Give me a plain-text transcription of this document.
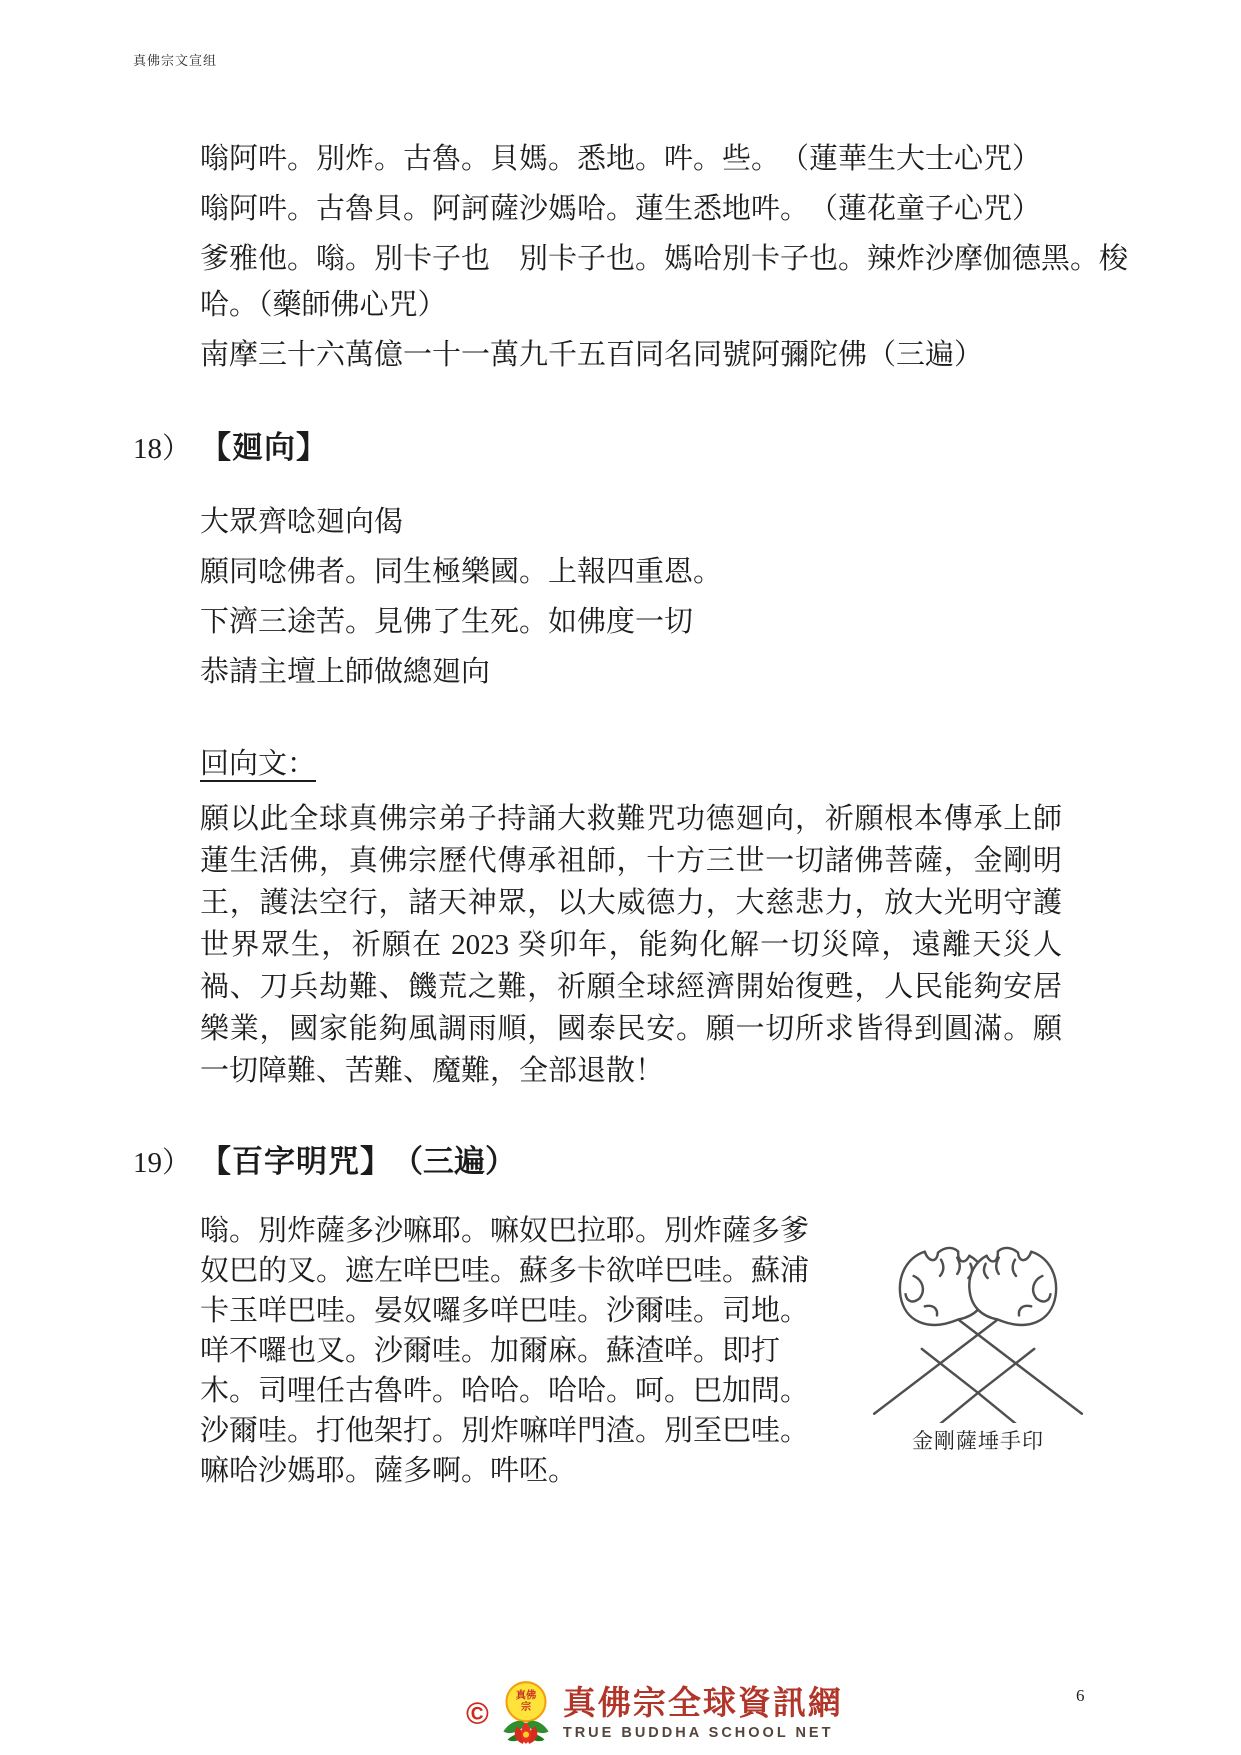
真佛宗文宣组

嗡阿吽。別炸。古魯。貝媽。悉地。吽。些。　（蓮華生大士心咒）

嗡阿吽。古魯貝。阿訶薩沙媽哈。蓮生悉地吽。　（蓮花童子心咒）

爹雅他。嗡。別卡子也　別卡子也。媽哈別卡子也。辣炸沙摩伽德黑。梭哈。（藥師佛心咒）

南摩三十六萬億一十一萬九千五百同名同號阿彌陀佛（三遍）

18） 【廻向】

大眾齊唸廻向偈

願同唸佛者。同生極樂國。上報四重恩。

下濟三途苦。見佛了生死。如佛度一切

恭請主壇上師做總廻向

回向文：
願以此全球真佛宗弟子持誦大救難咒功德廻向，祈願根本傳承上師蓮生活佛，真佛宗歷代傳承祖師，十方三世一切諸佛菩薩，金剛明王，護法空行，諸天神眾，以大威德力，大慈悲力，放大光明守護世界眾生，祈願在 2023 癸卯年，能夠化解一切災障，遠離天災人禍、刀兵劫難、饑荒之難，祈願全球經濟開始復甦，人民能夠安居樂業，國家能夠風調雨順，國泰民安。願一切所求皆得到圓滿。願一切障難、苦難、魔難，全部退散！
19） 【百字明咒】 （三遍）
嗡。別炸薩多沙嘛耶。嘛奴巴拉耶。別炸薩多爹奴巴的叉。遮左咩巴哇。蘇多卡欲咩巴哇。蘇浦卡玉咩巴哇。晏奴囉多咩巴哇。沙爾哇。司地。咩不囉也叉。沙爾哇。加爾麻。蘇渣咩。即打木。司哩任古魯吽。哈哈。哈哈。呵。巴加問。沙爾哇。打他架打。別炸嘛咩門渣。別至巴哇。嘛哈沙媽耶。薩多啊。吽呸。
金剛薩埵手印
©	真佛
宗 真佛宗全球資訊網
TRUE BUDDHA SCHOOL NET
6
